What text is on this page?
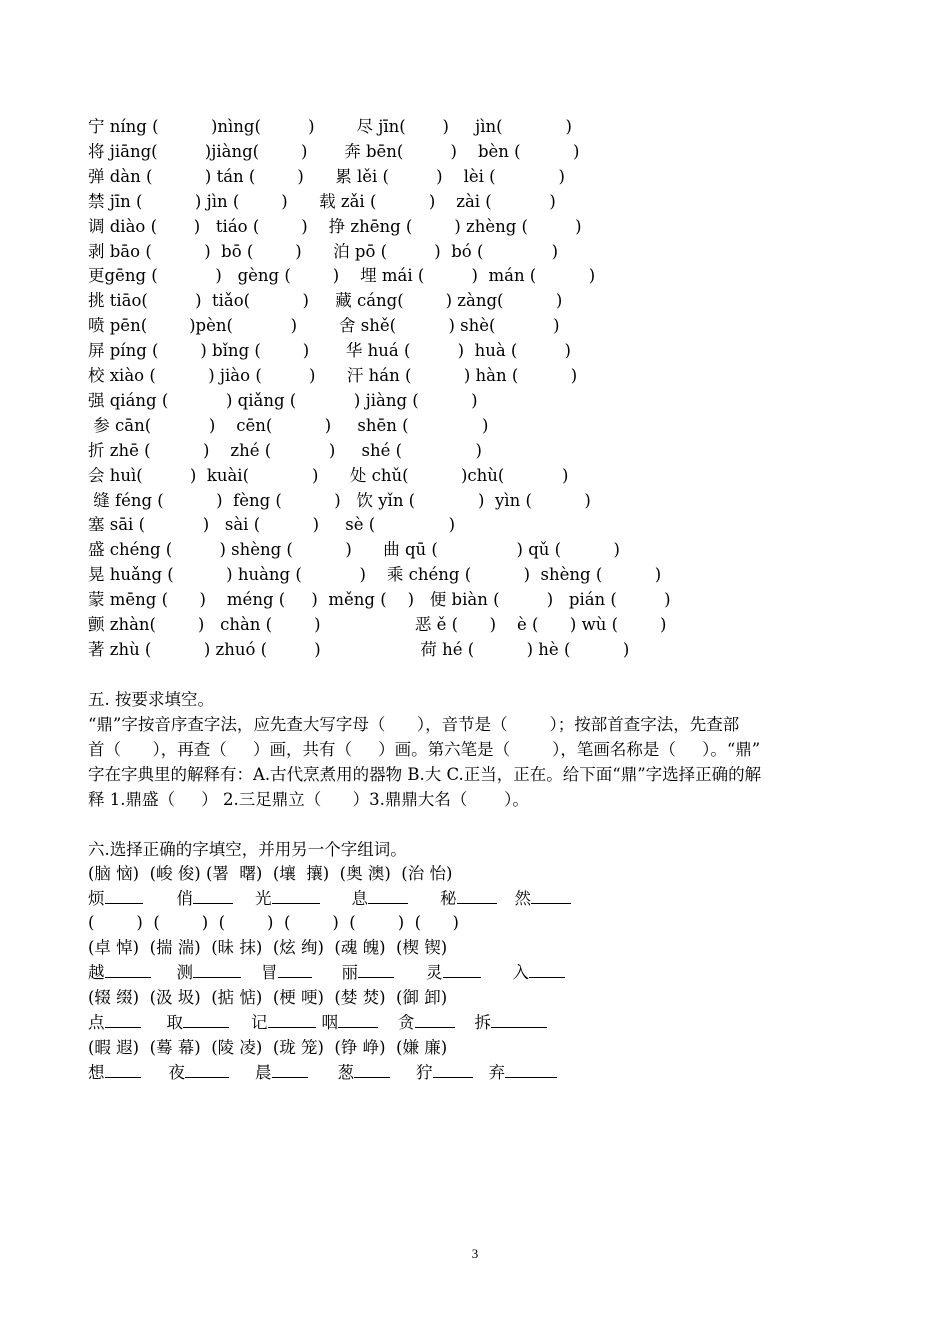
宁 níng (          )nìng(         )        尽 jīn(       )     jìn(            )
将 jiāng(         )jiàng(        )       奔 bēn(         )    bèn (          )
弹 dàn (          ) tán (        )      累 lěi (         )    lèi (            )
禁 jīn (          ) jìn (        )      载 zǎi (          )    zài (           )
调 diào (       )   tiáo (        )    挣 zhēng (        ) zhèng (         )
剥 bāo (          )  bō (        )      泊 pō (         )  bó (             )
更gēng (           )   gèng (        )    埋 mái (         )  mán (          )
挑 tiāo(         )  tiǎo(          )     藏 cáng(        ) zàng(          )
喷 pēn(        )pèn(           )        舍 shě(          ) shè(           )
屏 píng (        ) bǐng (        )       华 huá (         )  huà (         )
校 xiào (          ) jiào (         )      汗 hán (          ) hàn (          )
强 qiáng (           ) qiǎng (           ) jiàng (          )
参 cān(           )    cēn(          )     shēn (              )
折 zhē (          )    zhé (           )     shé (              )
会 huì(         )  kuài(            )      处 chǔ(          )chù(           )
缝 féng (          )  fèng (          )   饮 yǐn (            )  yìn (          )
塞 sāi (           )   sài (          )     sè (              )
盛 chéng (         ) shèng (          )      曲 qū (               ) qǔ (          )
晃 huǎng (          ) huàng (           )    乘 chéng (          )  shèng (          )
蒙 mēng (      )    méng (     )  měng (    )   便 biàn (         )   pián (         )
颤 zhàn(        )   chàn (        )                  恶 ě (      )    è (      ) wù (        )
著 zhù (          ) zhuó (         )                   荷 hé (          ) hè (          )
五. 按要求填空。
“鼎”字按音序查字法，应先查大写字母（      ），音节是（        ）；按部首查字法，先查部
首（      ），再查（     ）画，共有（     ）画。第六笔是（        ），笔画名称是（     ）。“鼎”
字在字典里的解释有：A.古代烹煮用的器物 B.大 C.正当，正在。给下面“鼎”字选择正确的解
释 1.鼎盛（     ） 2.三足鼎立（      ）3.鼎鼎大名（       ）。
六.选择正确的字填空，并用另一个字组词。
(脑 恼)  (峻 俊) (署  曙)  (壤  攘)  (奥 澳)  (治 怡)
烦	俏	光	息	秘	然
(        )  (        )  (        )  (        )  (        )  (      )
(卓 悼)  (揣 湍)  (昧 抹)  (炫 绚)  (魂 魄)  (楔 锲)
越	测	冒	丽	灵	入
(辍 缀)  (汲 圾)  (掂 惦)  (梗 哽)  (婪 焚)  (御 卸)
点	取	记	咽	贪	拆
(暇 遐)  (蓦 幕)  (陵 凌)  (珑 笼)  (铮 峥)  (嫌 廉)
想	夜	晨	葱	狞	弃
3
